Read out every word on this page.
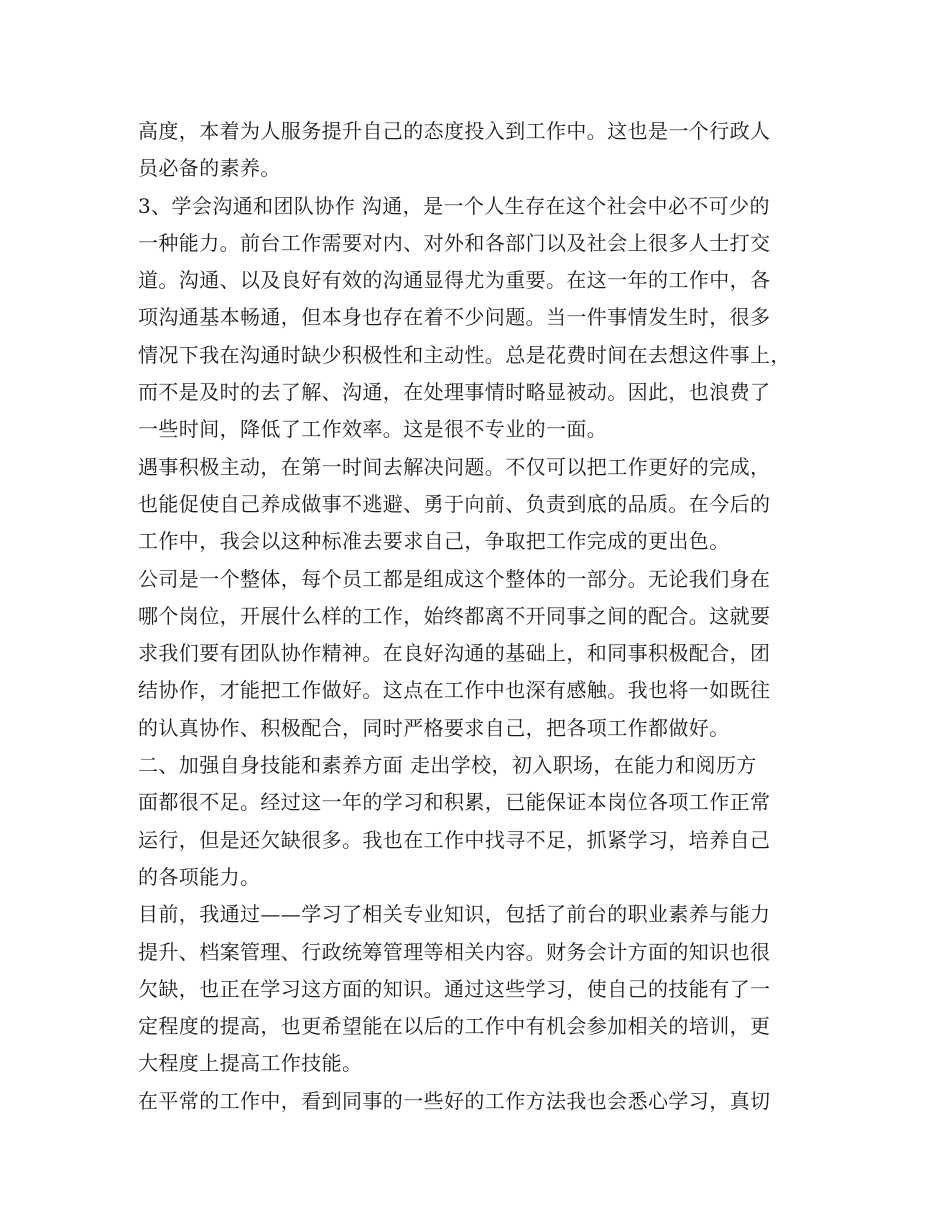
高度，本着为人服务提升自己的态度投入到工作中。这也是一个行政人
员必备的素养。
3、学会沟通和团队协作 沟通，是一个人生存在这个社会中必不可少的
一种能力。前台工作需要对内、对外和各部门以及社会上很多人士打交
道。沟通、以及良好有效的沟通显得尤为重要。在这一年的工作中，各
项沟通基本畅通，但本身也存在着不少问题。当一件事情发生时，很多
情况下我在沟通时缺少积极性和主动性。总是花费时间在去想这件事上，
而不是及时的去了解、沟通，在处理事情时略显被动。因此，也浪费了
一些时间，降低了工作效率。这是很不专业的一面。
遇事积极主动，在第一时间去解决问题。不仅可以把工作更好的完成，
也能促使自己养成做事不逃避、勇于向前、负责到底的品质。在今后的
工作中，我会以这种标准去要求自己，争取把工作完成的更出色。
公司是一个整体，每个员工都是组成这个整体的一部分。无论我们身在
哪个岗位，开展什么样的工作，始终都离不开同事之间的配合。这就要
求我们要有团队协作精神。在良好沟通的基础上，和同事积极配合，团
结协作，才能把工作做好。这点在工作中也深有感触。我也将一如既往
的认真协作、积极配合，同时严格要求自己，把各项工作都做好。
二、加强自身技能和素养方面 走出学校，初入职场，在能力和阅历方
面都很不足。经过这一年的学习和积累，已能保证本岗位各项工作正常
运行，但是还欠缺很多。我也在工作中找寻不足，抓紧学习，培养自己
的各项能力。
目前，我通过——学习了相关专业知识，包括了前台的职业素养与能力
提升、档案管理、行政统筹管理等相关内容。财务会计方面的知识也很
欠缺，也正在学习这方面的知识。通过这些学习，使自己的技能有了一
定程度的提高，也更希望能在以后的工作中有机会参加相关的培训，更
大程度上提高工作技能。
在平常的工作中，看到同事的一些好的工作方法我也会悉心学习，真切
